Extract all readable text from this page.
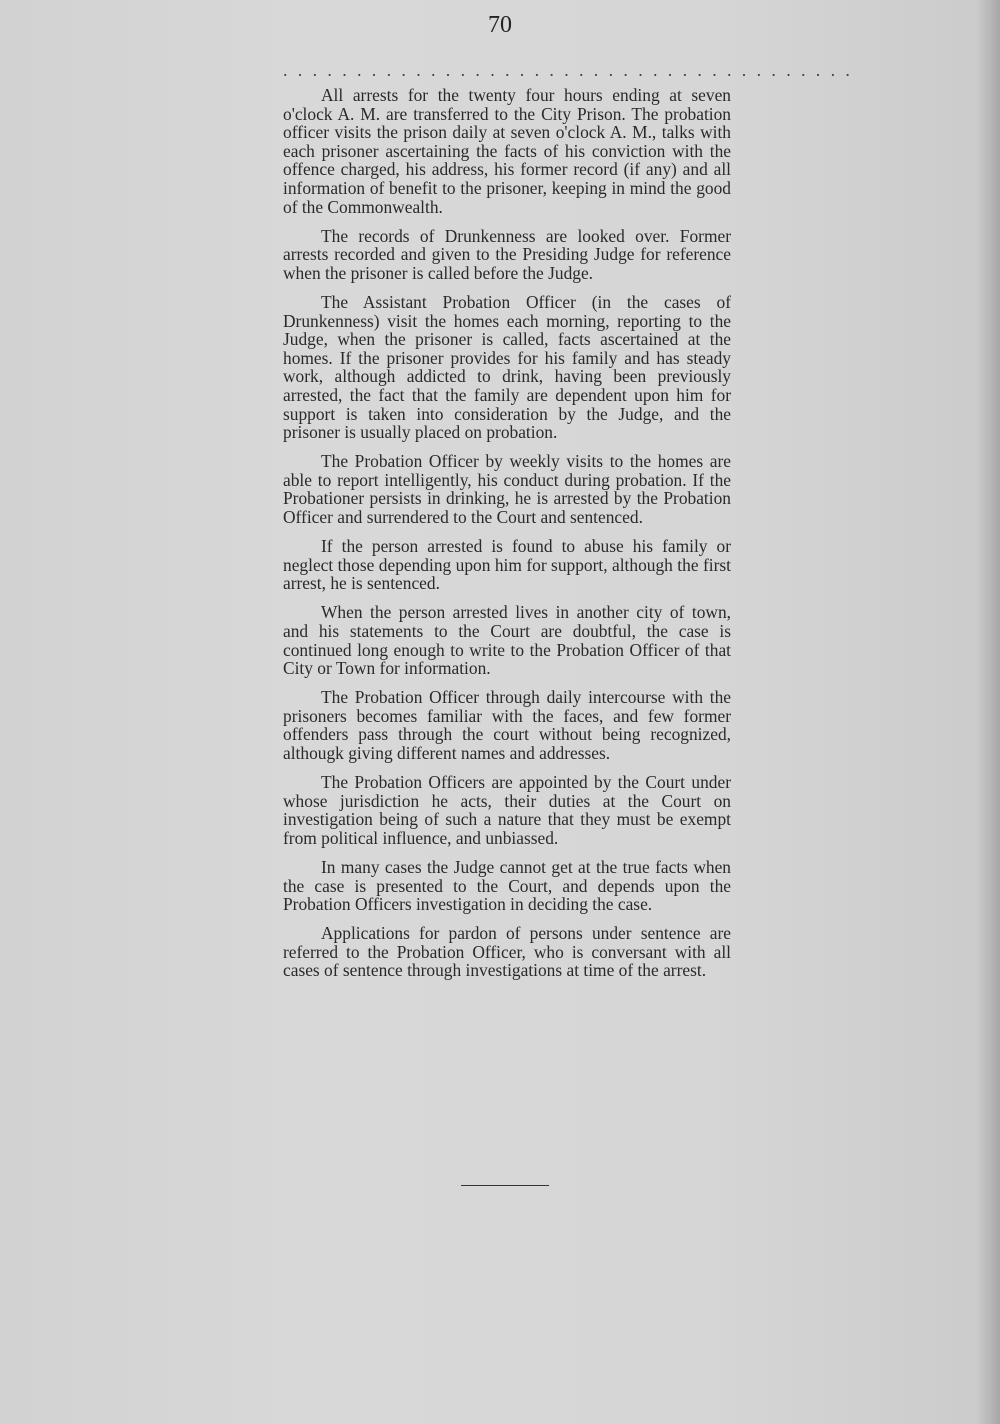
70
. . . . . . . . . . . . . . . . . . . . . . . . . . . . . . . . . . . . . . .

All arrests for the twenty four hours ending at seven o'clock A. M. are transferred to the City Prison. The probation officer visits the prison daily at seven o'clock A. M., talks with each prisoner ascertaining the facts of his conviction with the offence charged, his address, his former record (if any) and all information of benefit to the prisoner, keeping in mind the good of the Commonwealth.

The records of Drunkenness are looked over. Former arrests recorded and given to the Presiding Judge for reference when the prisoner is called before the Judge.

The Assistant Probation Officer (in the cases of Drunkenness) visit the homes each morning, reporting to the Judge, when the prisoner is called, facts ascertained at the homes. If the prisoner provides for his family and has steady work, although addicted to drink, having been previously arrested, the fact that the family are dependent upon him for support is taken into consideration by the Judge, and the prisoner is usually placed on probation.

The Probation Officer by weekly visits to the homes are able to report intelligently, his conduct during probation. If the Probationer persists in drinking, he is arrested by the Probation Officer and surrendered to the Court and sentenced.

If the person arrested is found to abuse his family or neglect those depending upon him for support, although the first arrest, he is sentenced.

When the person arrested lives in another city of town, and his statements to the Court are doubtful, the case is continued long enough to write to the Probation Officer of that City or Town for information.

The Probation Officer through daily intercourse with the prisoners becomes familiar with the faces, and few former offenders pass through the court without being recognized, althougk giving different names and addresses.

The Probation Officers are appointed by the Court under whose jurisdiction he acts, their duties at the Court on investigation being of such a nature that they must be exempt from political influence, and unbiassed.

In many cases the Judge cannot get at the true facts when the case is presented to the Court, and depends upon the Probation Officers investigation in deciding the case.

Applications for pardon of persons under sentence are referred to the Probation Officer, who is conversant with all cases of sentence through investigations at time of the arrest.
